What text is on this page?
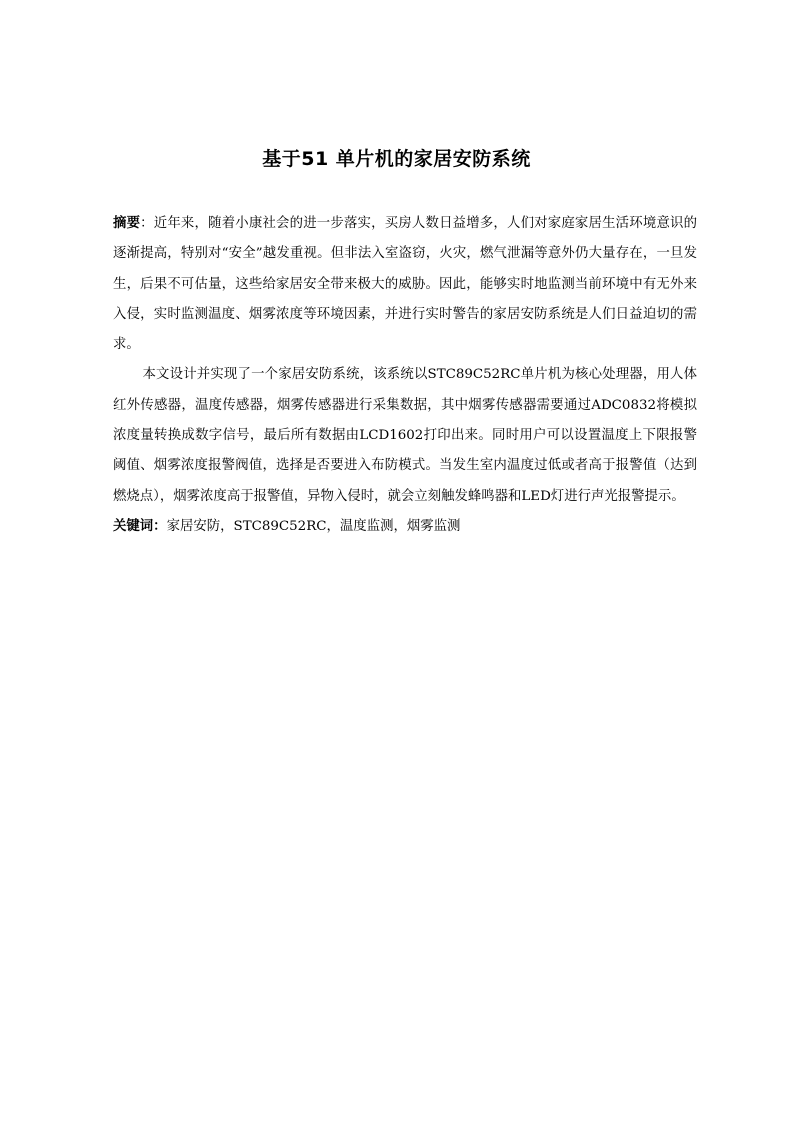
基于51 单片机的家居安防系统

摘要：近年来，随着小康社会的进一步落实，买房人数日益增多，人们对家庭家居生活环境意识的逐渐提高，特别对“安全”越发重视。但非法入室盗窃，火灾，燃气泄漏等意外仍大量存在，一旦发生，后果不可估量，这些给家居安全带来极大的威胁。因此，能够实时地监测当前环境中有无外来入侵，实时监测温度、烟雾浓度等环境因素，并进行实时警告的家居安防系统是人们日益迫切的需求。

本文设计并实现了一个家居安防系统，该系统以STC89C52RC单片机为核心处理器，用人体红外传感器，温度传感器，烟雾传感器进行采集数据，其中烟雾传感器需要通过ADC0832将模拟浓度量转换成数字信号，最后所有数据由LCD1602打印出来。同时用户可以设置温度上下限报警阈值、烟雾浓度报警阀值，选择是否要进入布防模式。当发生室内温度过低或者高于报警值（达到燃烧点），烟雾浓度高于报警值，异物入侵时，就会立刻触发蜂鸣器和LED灯进行声光报警提示。

关键词：家居安防，STC89C52RC，温度监测，烟雾监测
